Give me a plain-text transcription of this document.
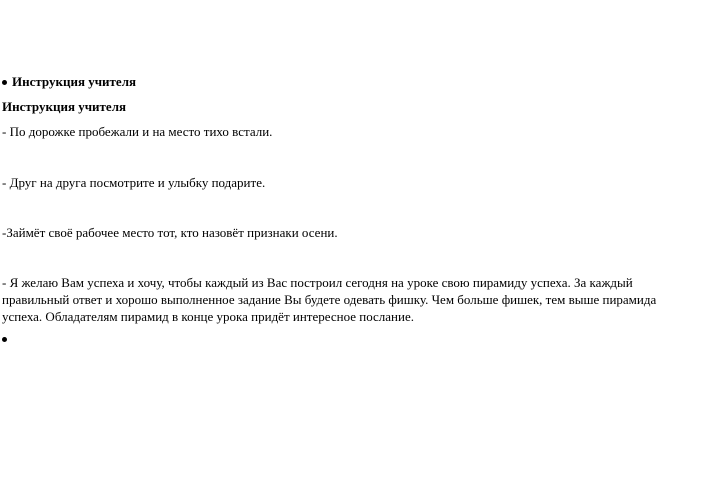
Инструкция учителя
Инструкция учителя
- По дорожке пробежали и на место тихо встали.
- Друг на друга посмотрите и улыбку подарите.
-Займёт своё рабочее место тот, кто назовёт признаки осени.
- Я желаю Вам успеха и хочу, чтобы каждый из Вас построил сегодня на уроке свою пирамиду успеха. За каждый правильный ответ и хорошо выполненное задание Вы будете одевать фишку. Чем больше фишек, тем выше пирамида успеха. Обладателям пирамид в конце урока придёт интересное послание.
